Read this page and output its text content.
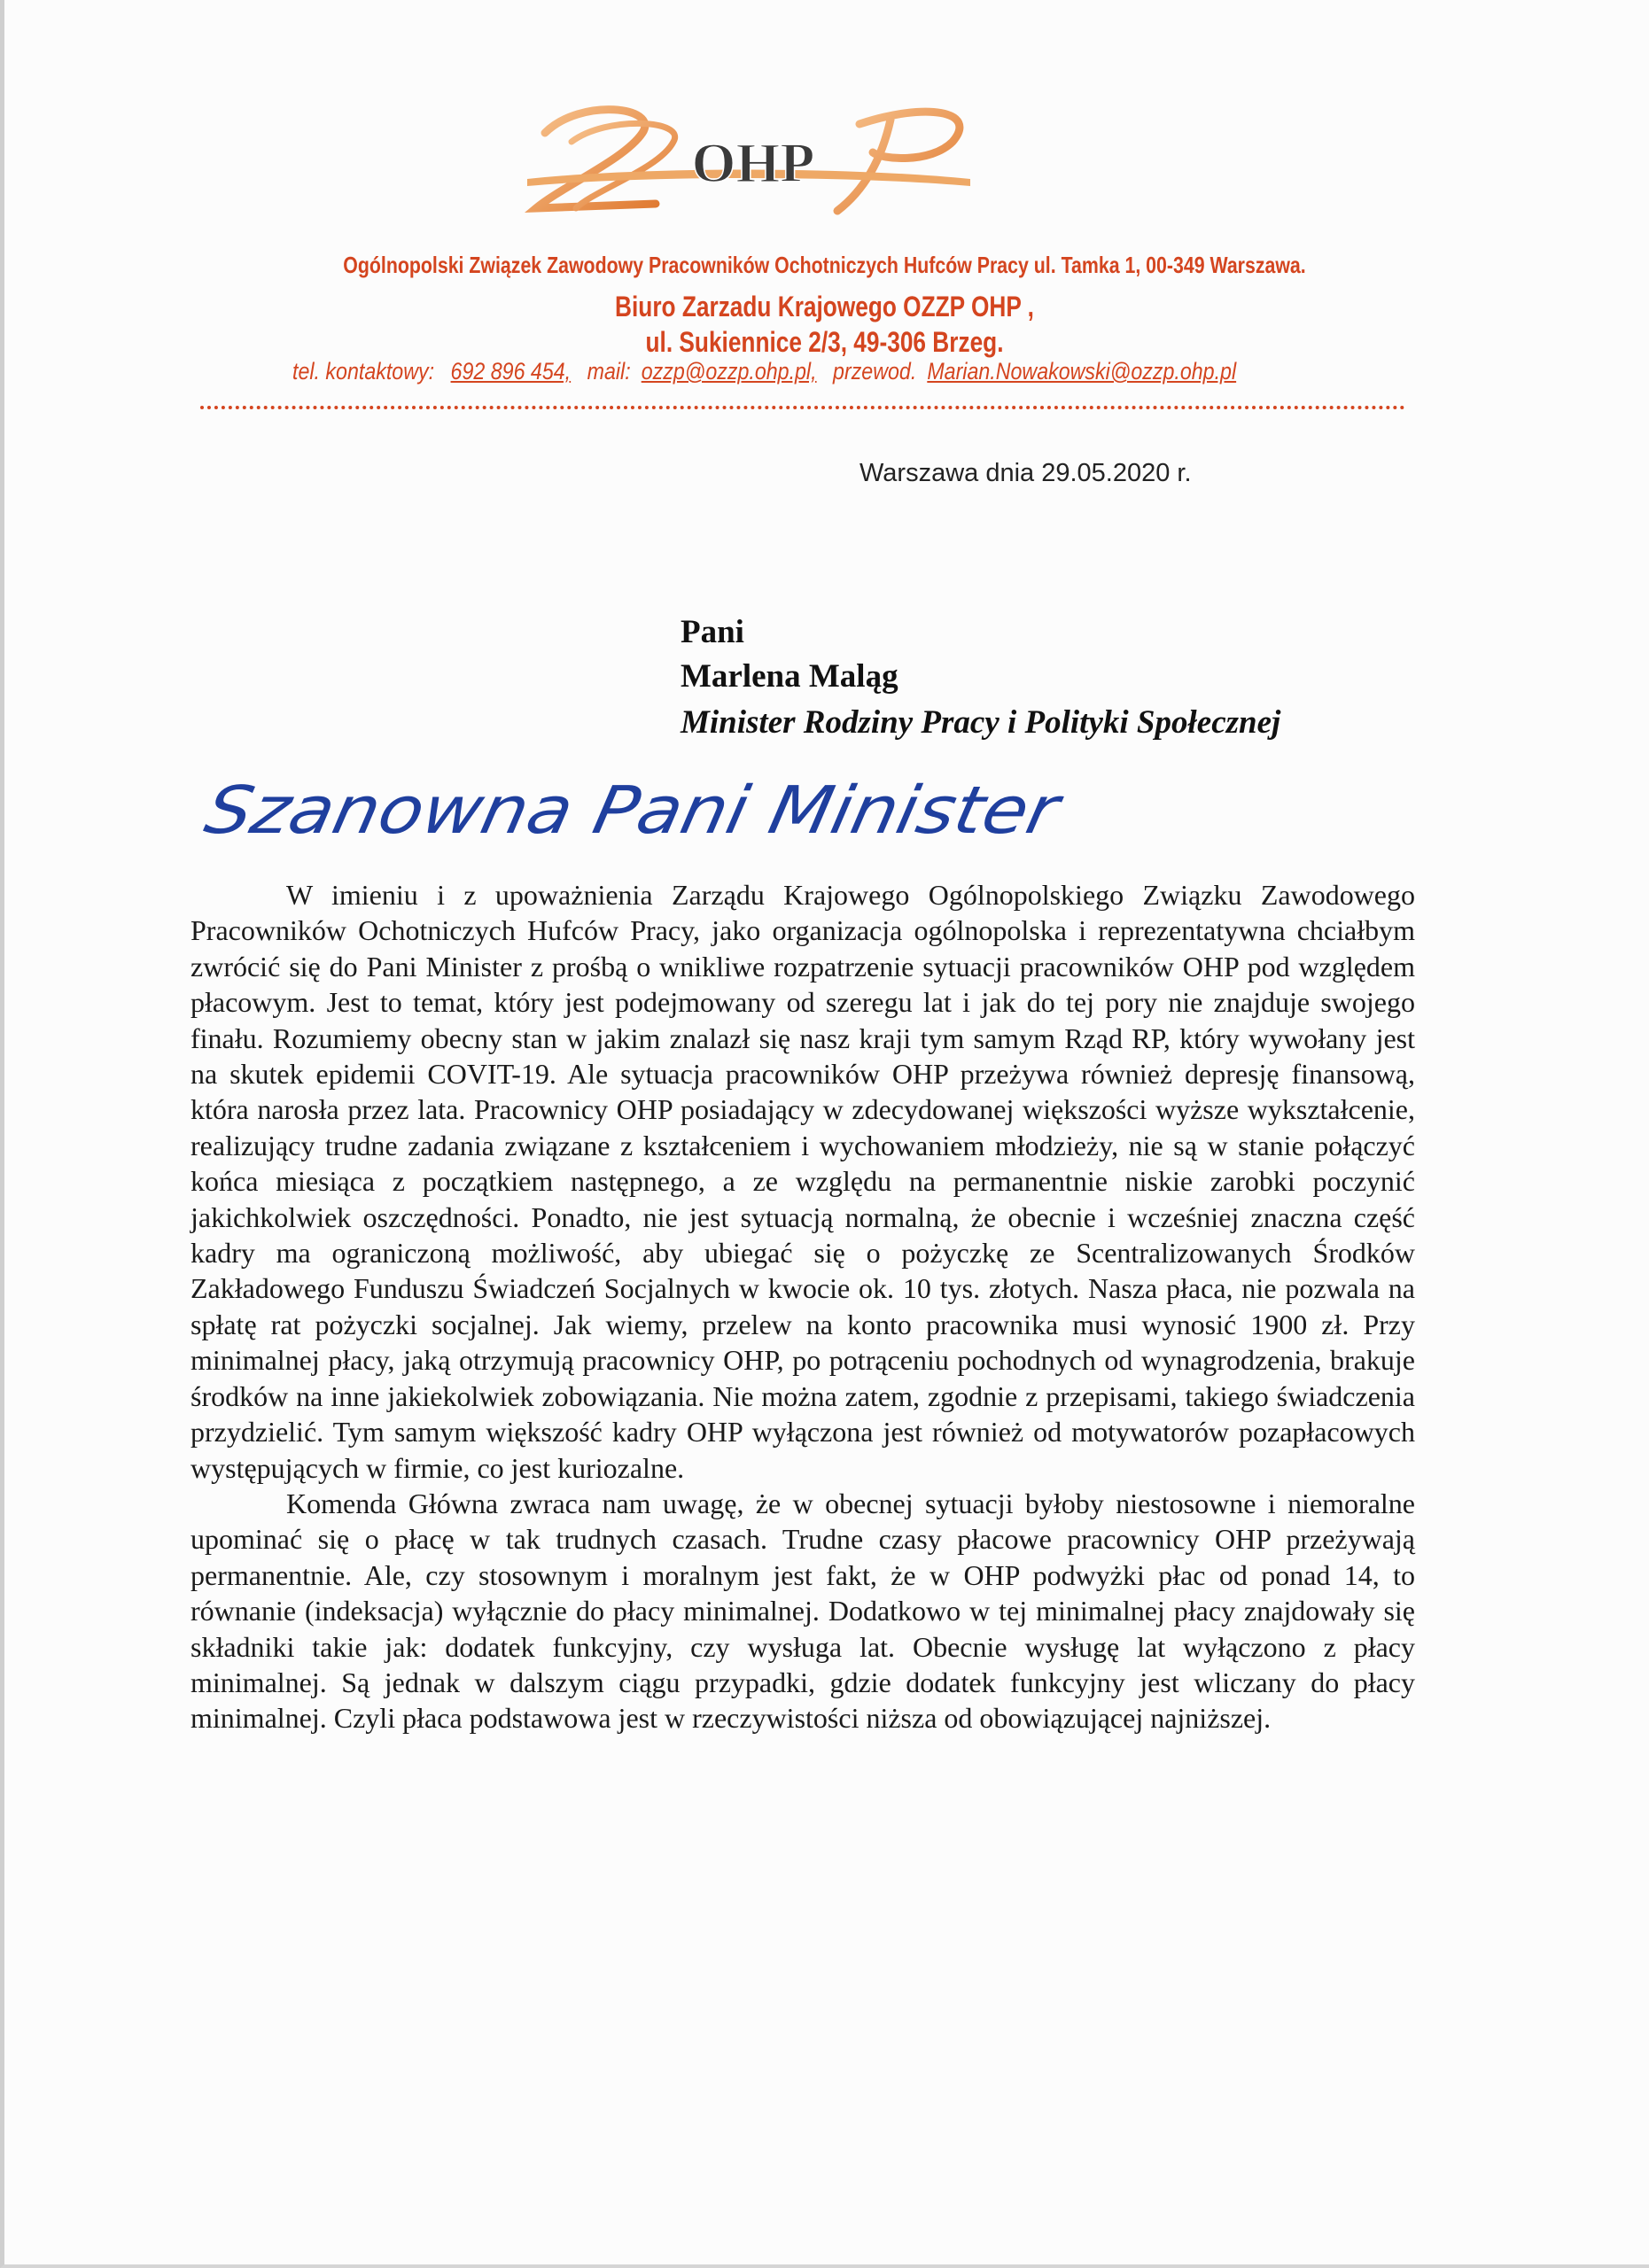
OHP
Ogólnopolski Związek Zawodowy Pracowników Ochotniczych Hufców Pracy ul. Tamka 1, 00-349 Warszawa.
Biuro Zarzadu Krajowego OZZP OHP ,
ul. Sukiennice 2/3, 49-306 Brzeg.
tel. kontaktowy: 692 896 454, mail: ozzp@ozzp.ohp.pl, przewod. Marian.Nowakowski@ozzp.ohp.pl
Warszawa dnia 29.05.2020 r.
Pani
Marlena Maląg
Minister Rodziny Pracy i Polityki Społecznej
Szanowna Pani Minister

W imieniu i z upoważnienia Zarządu Krajowego Ogólnopolskiego Związku Zawodowego Pracowników Ochotniczych Hufców Pracy, jako organizacja ogólnopolska i reprezentatywna chciałbym zwrócić się do Pani Minister z prośbą o wnikliwe rozpatrzenie sytuacji pracowników OHP pod względem płacowym. Jest to temat, który jest podejmowany od szeregu lat i jak do tej pory nie znajduje swojego finału. Rozumiemy obecny stan w jakim znalazł się nasz kraji tym samym Rząd RP, który wywołany jest na skutek epidemii COVIT-19. Ale sytuacja pracowników OHP przeżywa również depresję finansową, która narosła przez lata. Pracownicy OHP posiadający w zdecydowanej większości wyższe wykształcenie, realizujący trudne zadania związane z kształceniem i wychowaniem młodzieży, nie są w stanie połączyć końca miesiąca z początkiem następnego, a ze względu na permanentnie niskie zarobki poczynić jakichkolwiek oszczędności. Ponadto, nie jest sytuacją normalną, że obecnie i wcześniej znaczna część kadry ma ograniczoną możliwość, aby ubiegać się o pożyczkę ze Scentralizowanych Środków Zakładowego Funduszu Świadczeń Socjalnych w kwocie ok. 10 tys. złotych. Nasza płaca, nie pozwala na spłatę rat pożyczki socjalnej. Jak wiemy, przelew na konto pracownika musi wynosić 1900 zł. Przy minimalnej płacy, jaką otrzymują pracownicy OHP, po potrąceniu pochodnych od wynagrodzenia, brakuje środków na inne jakiekolwiek zobowiązania. Nie można zatem, zgodnie z przepisami, takiego świadczenia przydzielić. Tym samym większość kadry OHP wyłączona jest również od motywatorów pozapłacowych występujących w firmie, co jest kuriozalne.

Komenda Główna zwraca nam uwagę, że w obecnej sytuacji byłoby niestosowne i niemoralne upominać się o płacę w tak trudnych czasach. Trudne czasy płacowe pracownicy OHP przeżywają permanentnie. Ale, czy stosownym i moralnym jest fakt, że w OHP podwyżki płac od ponad 14, to równanie (indeksacja) wyłącznie do płacy minimalnej. Dodatkowo w tej minimalnej płacy znajdowały się składniki takie jak: dodatek funkcyjny, czy wysługa lat. Obecnie wysługę lat wyłączono z płacy minimalnej. Są jednak w dalszym ciągu przypadki, gdzie dodatek funkcyjny jest wliczany do płacy minimalnej. Czyli płaca podstawowa jest w rzeczywistości niższa od obowiązującej najniższej.
